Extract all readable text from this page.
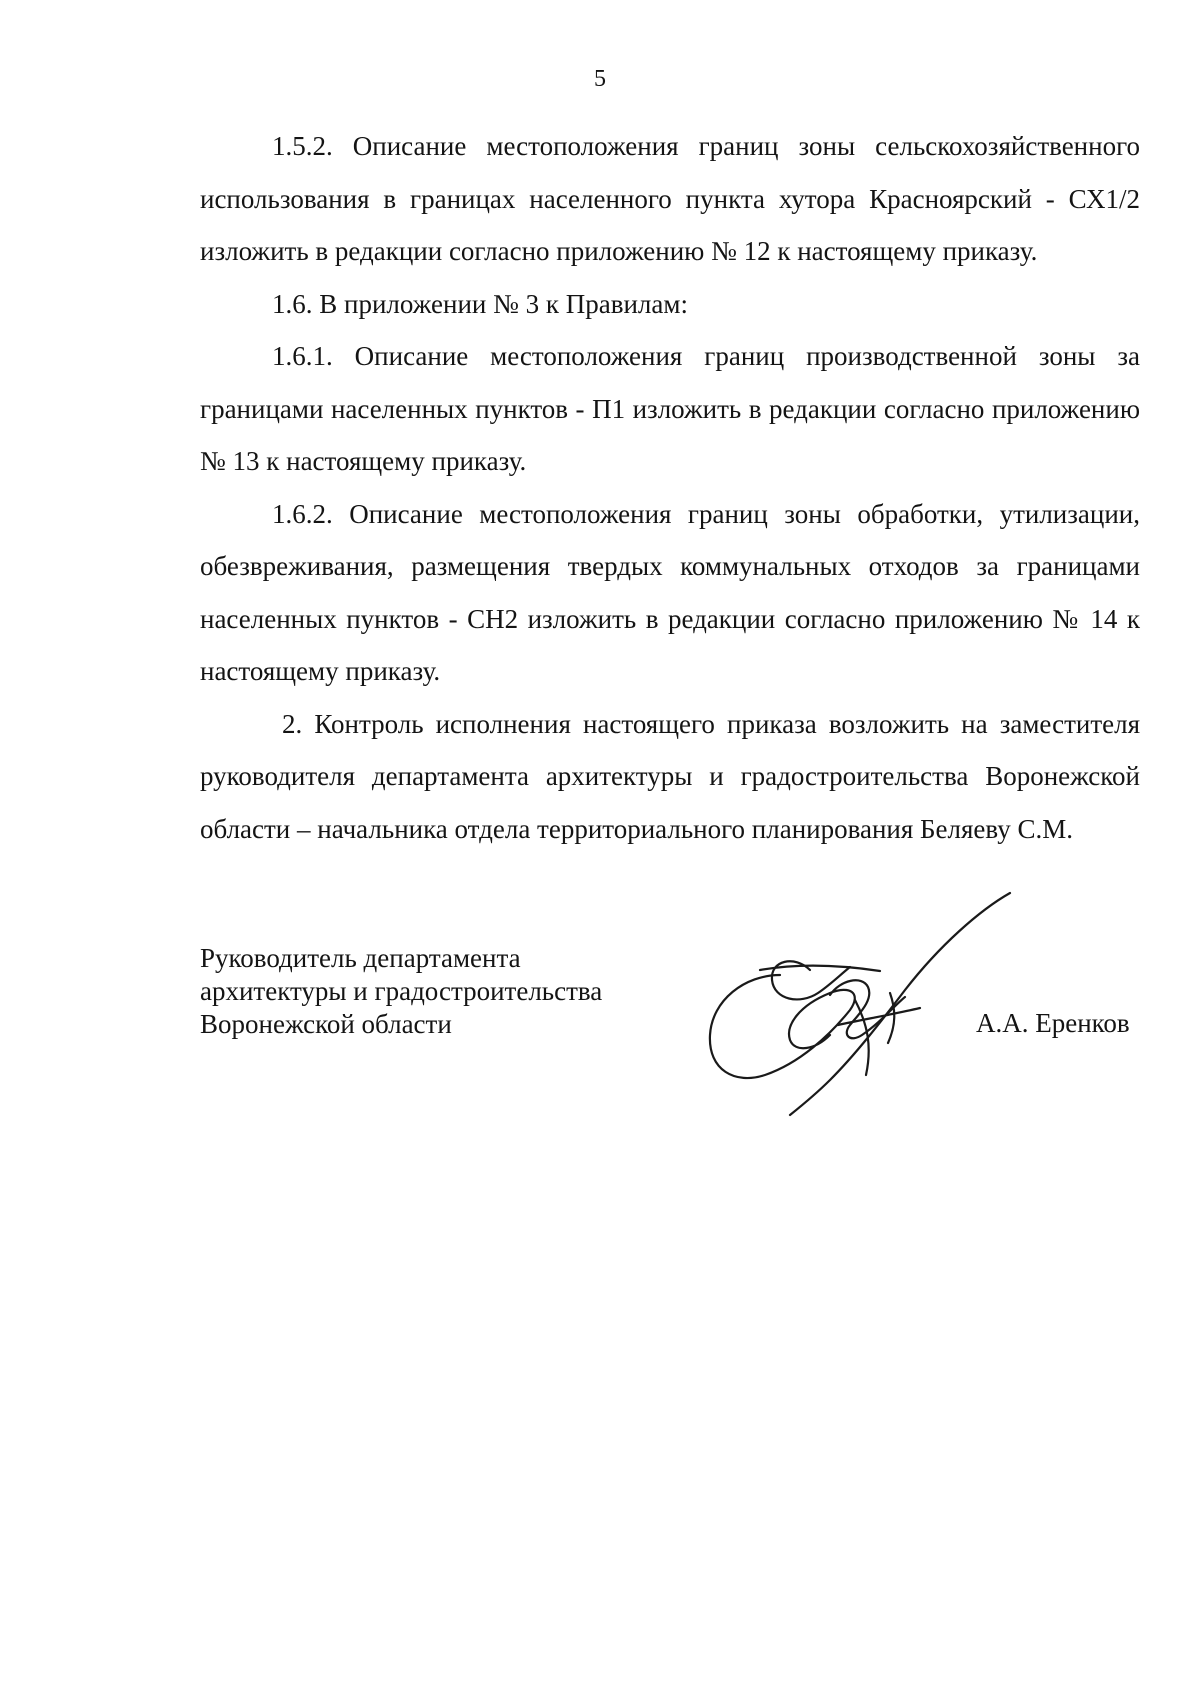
5

1.5.2. Описание местоположения границ зоны сельскохозяйственного использования в границах населенного пункта хутора Красноярский - СХ1/2 изложить в редакции согласно приложению № 12 к настоящему приказу.

1.6. В приложении № 3 к Правилам:

1.6.1. Описание местоположения границ производственной зоны за границами населенных пунктов - П1 изложить в редакции согласно приложению № 13 к настоящему приказу.

1.6.2. Описание местоположения границ зоны обработки, утилизации, обезвреживания, размещения твердых коммунальных отходов за границами населенных пунктов - СН2 изложить в редакции согласно приложению № 14 к настоящему приказу.

2. Контроль исполнения настоящего приказа возложить на заместителя руководителя департамента архитектуры и градостроительства Воронежской области – начальника отдела территориального планирования Беляеву С.М.

Руководитель департамента
архитектуры и градостроительства
Воронежской области	А.А. Еренков
